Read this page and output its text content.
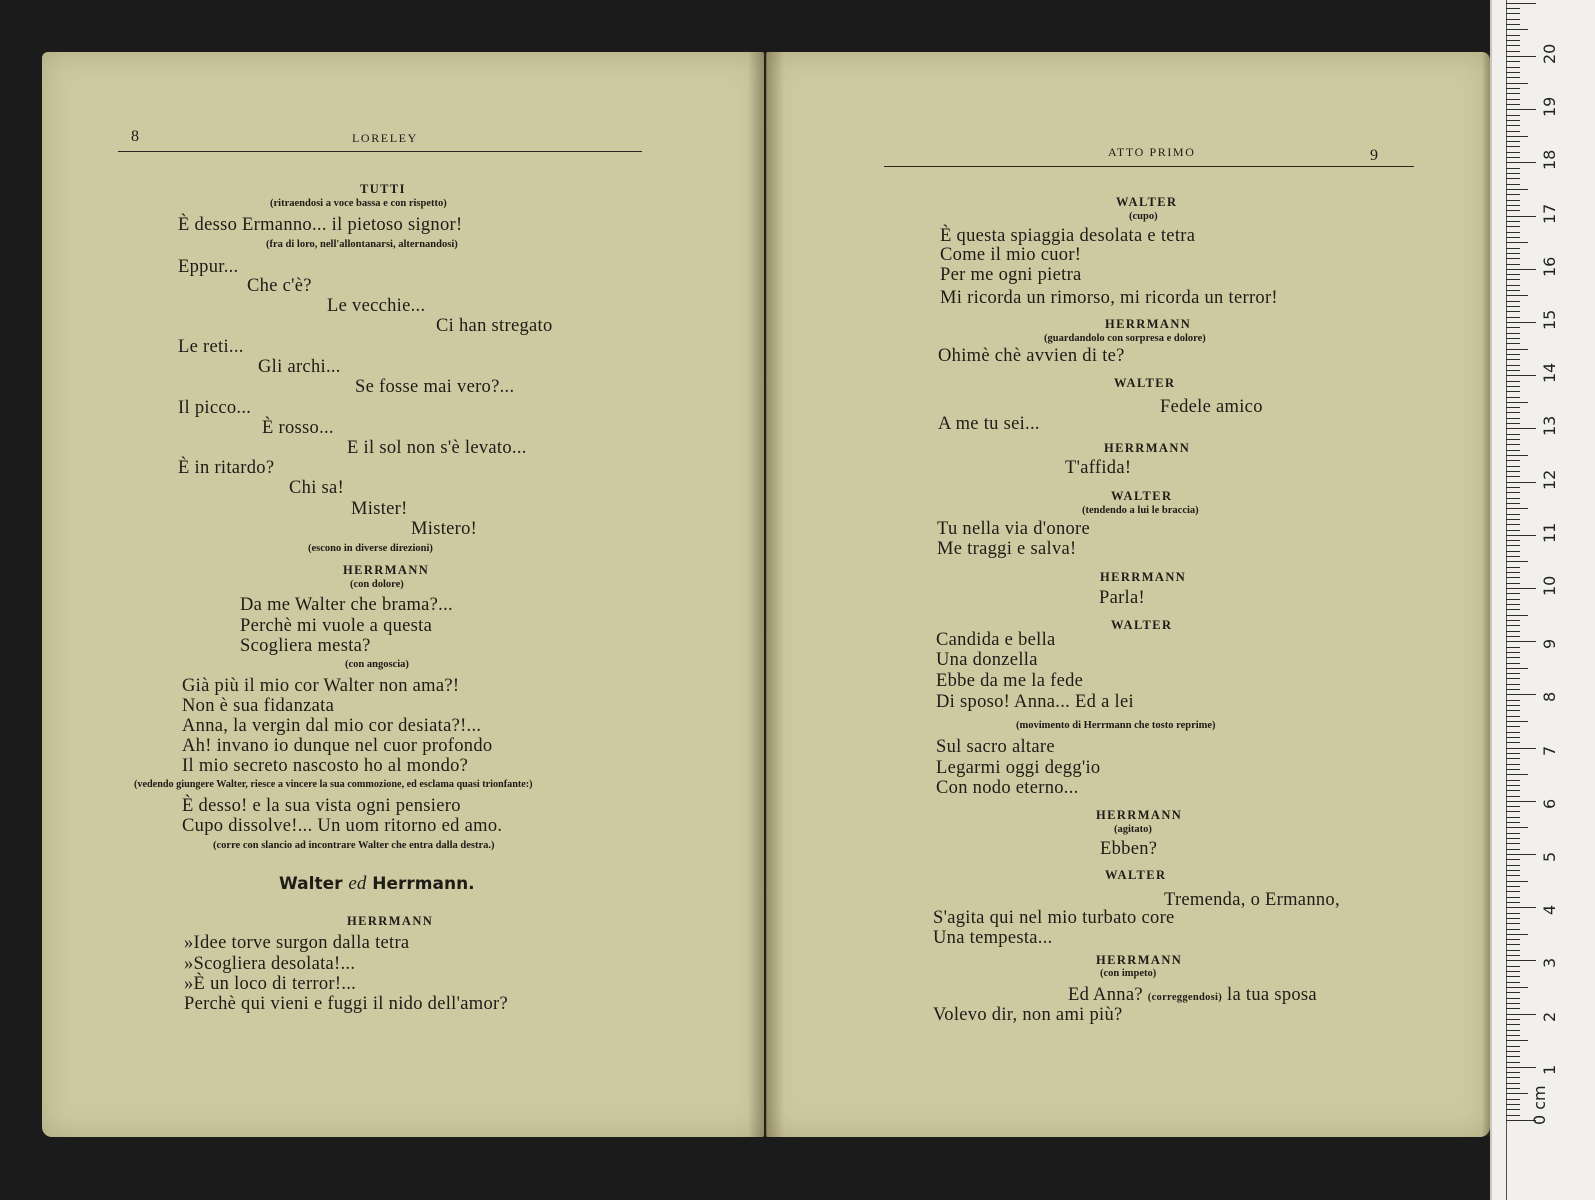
8	LORELEY
TUTTI
(ritraendosi a voce bassa e con rispetto)
È desso Ermanno... il pietoso signor!
(fra di loro, nell'allontanarsi, alternandosi)
Eppur...
Che c'è?
Le vecchie...
Ci han stregato
Le reti...
Gli archi...
Se fosse mai vero?...
Il picco...
È rosso...
E il sol non s'è levato...
È in ritardo?
Chi sa!
Mister!
Mistero!
(escono in diverse direzioni)
HERRMANN
(con dolore)
Da me Walter che brama?...
Perchè mi vuole a questa
Scogliera mesta?
(con angoscia)
Già più il mio cor Walter non ama?!
Non è sua fidanzata
Anna, la vergin dal mio cor desiata?!...
Ah! invano io dunque nel cuor profondo
Il mio secreto nascosto ho al mondo?
(vedendo giungere Walter, riesce a vincere la sua commozione, ed esclama quasi trionfante:)
È desso! e la sua vista ogni pensiero
Cupo dissolve!... Un uom ritorno ed amo.
(corre con slancio ad incontrare Walter che entra dalla destra.)
Walter ed Herrmann.
HERRMANN
»Idee torve surgon dalla tetra
»Scogliera desolata!...
»È un loco di terror!...
Perchè qui vieni e fuggi il nido dell'amor?
ATTO PRIMO	9
WALTER
(cupo)
È questa spiaggia desolata e tetra
Come il mio cuor!
Per me ogni pietra
Mi ricorda un rimorso, mi ricorda un terror!
HERRMANN
(guardandolo con sorpresa e dolore)
Ohimè chè avvien di te?
WALTER
Fedele amico
A me tu sei...
HERRMANN
T'affida!
WALTER
(tendendo a lui le braccia)
Tu nella via d'onore
Me traggi e salva!
HERRMANN
Parla!
WALTER
Candida e bella
Una donzella
Ebbe da me la fede
Di sposo! Anna... Ed a lei
(movimento di Herrmann che tosto reprime)
Sul sacro altare
Legarmi oggi degg'io
Con nodo eterno...
HERRMANN
(agitato)
Ebben?
WALTER
Tremenda, o Ermanno,
S'agita qui nel mio turbato core
Una tempesta...
HERRMANN
(con impeto)
Ed Anna? (correggendosi) la tua sposa
Volevo dir, non ami più?
0 cm
1
2
3
4
5
6
7
8
9
10
11
12
13
14
15
16
17
18
19
20
